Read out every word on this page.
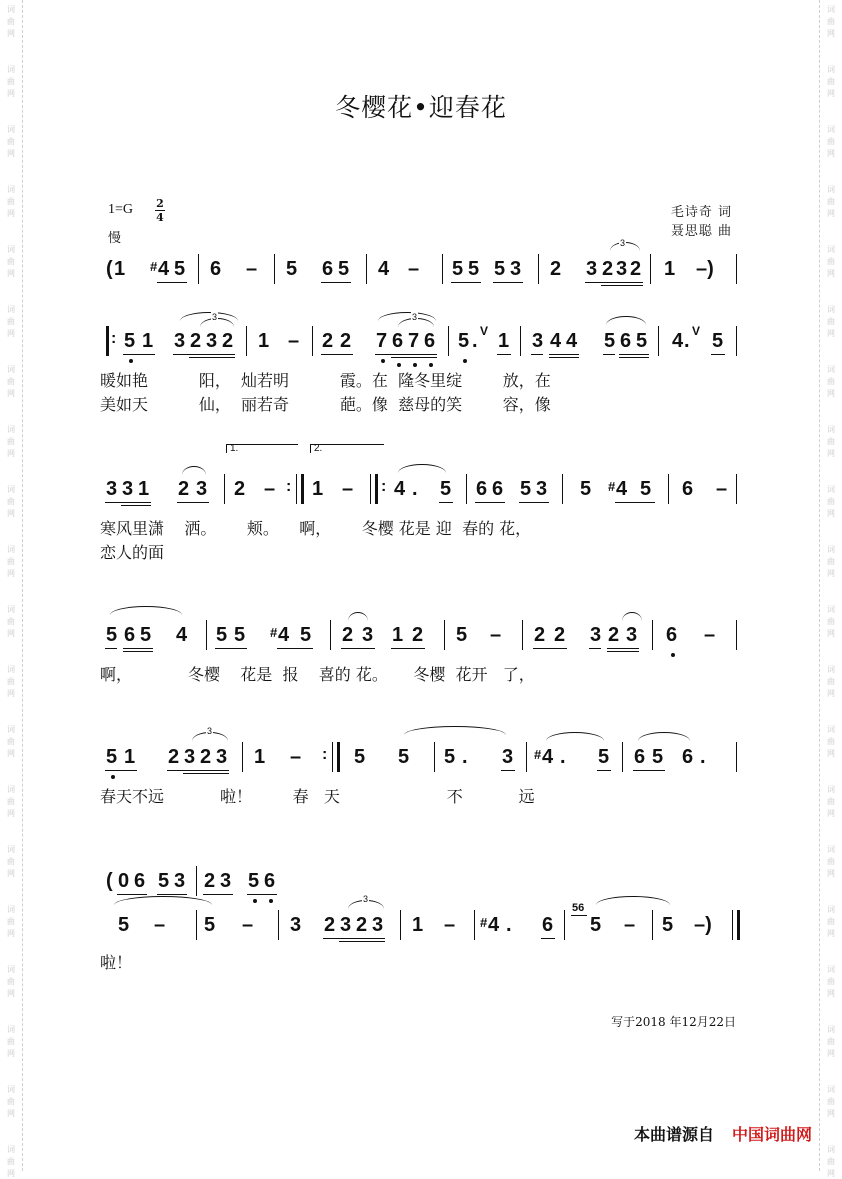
词
曲
网
词
曲
网
词
曲
网
词
曲
网
词
曲
网
词
曲
网
词
曲
网
词
曲
网
词
曲
网
词
曲
网
词
曲
网
词
曲
网
词
曲
网
词
曲
网
词
曲
网
词
曲
网
词
曲
网
词
曲
网
词
曲
网
词
曲
网
词
曲
网
词
曲
网
词
曲
网
词
曲
网
词
曲
网
词
曲
网
词
曲
网
词
曲
网
词
曲
网
词
曲
网
词
曲
网
词
曲
网
词
曲
网
词
曲
网
词
曲
网
词
曲
网
词
曲
网
词
曲
网
词
曲
网
词
曲
网
冬樱花•迎春花
1=G 2
4
慢
毛诗奇 词
聂思聪 曲
( 1 # 4 5 6 – 5 6 5 4 – 5 5 5 3 2 3 2 3 2
3
1 –)
: 5 1 3 2 3 2
3
1 – 2 2 7 6 7 6
3
5 . V 1 3 4 4 5 6 5 4 . V 5
暖如艳          阳，  灿若明          霞。在  隆冬里绽        放，在
美如天          仙，  丽若奇          葩。像  慈母的笑        容，像
1.	2.
3 3 1 2 3 2 – : 1 – : 4 . 5 6 6 5 3 5 # 4 5 6 –
寒风里潇    洒。      颊。    啊，      冬樱 花是 迎  春的 花，
恋人的面
5 6 5 4 5 5 # 4 5 2 3 1 2 5 – 2 2 3 2 3 6 –
啊，           冬樱    花是  报    喜的 花。     冬樱  花开   了，
5 1 2 3 2 3
3
1 – : 5 5 5 . 3 # 4 . 5 6 5 6 .
春天不远           啦！        春   天                     不           远
( 0 6 5 3 2 3 5 6
5 – 5 – 3 2 3 2 3
3
1 – # 4 . 6
56
5 – 5 –)
啦！
写于2018 年12月22日
本曲谱源自 中国词曲网
